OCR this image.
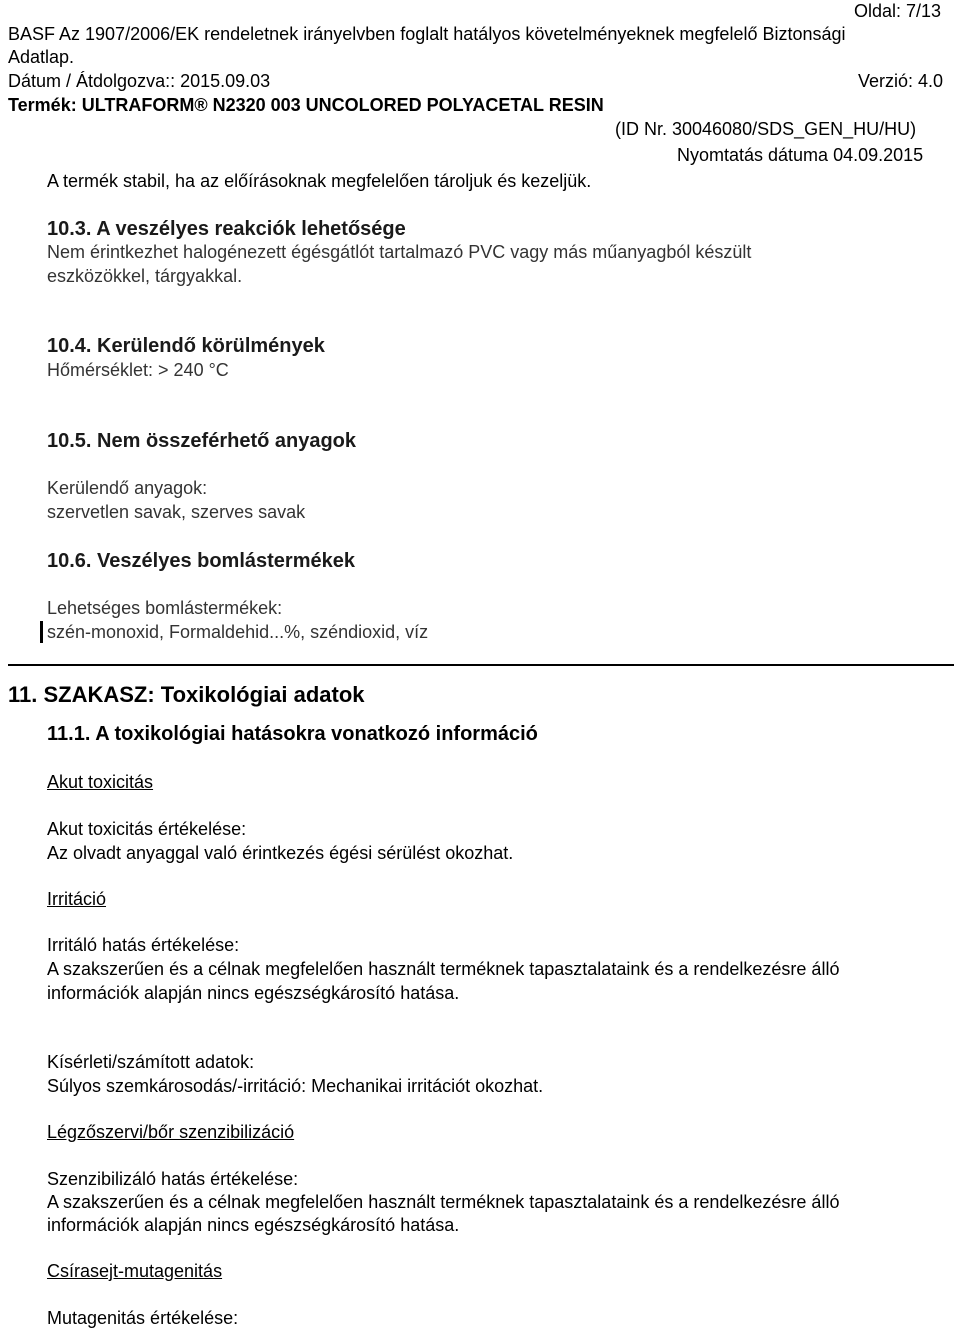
Oldal: 7/13
BASF Az 1907/2006/EK rendeletnek irányelvben foglalt hatályos követelményeknek megfelelő Biztonsági
Adatlap.
Dátum / Átdolgozva:: 2015.09.03	Verzió: 4.0
Termék: ULTRAFORM® N2320 003 UNCOLORED POLYACETAL RESIN
(ID Nr. 30046080/SDS_GEN_HU/HU)
Nyomtatás dátuma 04.09.2015
A termék stabil, ha az előírásoknak megfelelően tároljuk és kezeljük.
10.3. A veszélyes reakciók lehetősége
Nem érintkezhet halogénezett égésgátlót tartalmazó PVC vagy más műanyagból készült
eszközökkel, tárgyakkal.
10.4. Kerülendő körülmények
Hőmérséklet: > 240 °C
10.5. Nem összeférhető anyagok
Kerülendő anyagok:
szervetlen savak, szerves savak
10.6. Veszélyes bomlástermékek
Lehetséges bomlástermékek:
szén-monoxid, Formaldehid...%, széndioxid, víz
11. SZAKASZ: Toxikológiai adatok
11.1. A toxikológiai hatásokra vonatkozó információ
Akut toxicitás
Akut toxicitás értékelése:
Az olvadt anyaggal való érintkezés égési sérülést okozhat.
Irritáció
Irritáló hatás értékelése:
A szakszerűen és a célnak megfelelően használt terméknek tapasztalataink és a rendelkezésre álló
információk alapján nincs egészségkárosító hatása.
Kísérleti/számított adatok:
Súlyos szemkárosodás/-irritáció: Mechanikai irritációt okozhat.
Légzőszervi/bőr szenzibilizáció
Szenzibilizáló hatás értékelése:
A szakszerűen és a célnak megfelelően használt terméknek tapasztalataink és a rendelkezésre álló
információk alapján nincs egészségkárosító hatása.
Csírasejt-mutagenitás
Mutagenitás értékelése:
